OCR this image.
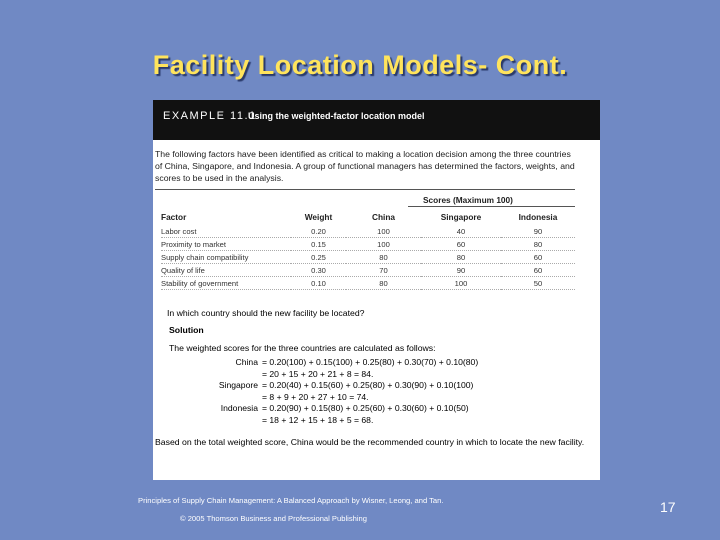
Facility Location Models- Cont.
EXAMPLE 11.1
Using the weighted-factor location model
The following factors have been identified as critical to making a location decision among the three countries of China, Singapore, and Indonesia. A group of functional managers has determined the factors, weights, and scores to be used in the analysis.
Scores (Maximum 100)
Factor	Weight	China	Singapore	Indonesia
Labor cost	0.20	100	40	90
Proximity to market	0.15	100	60	80
Supply chain compatibility	0.25	80	80	60
Quality of life	0.30	70	90	60
Stability of government	0.10	80	100	50
In which country should the new facility be located?
Solution
The weighted scores for the three countries are calculated as follows:
China = 0.20(100) + 0.15(100) + 0.25(80) + 0.30(70) + 0.10(80)
= 20 + 15 + 20 + 21 + 8 = 84.
Singapore = 0.20(40) + 0.15(60) + 0.25(80) + 0.30(90) + 0.10(100)
= 8 + 9 + 20 + 27 + 10 = 74.
Indonesia = 0.20(90) + 0.15(80) + 0.25(60) + 0.30(60) + 0.10(50)
= 18 + 12 + 15 + 18 + 5 = 68.
Based on the total weighted score, China would be the recommended country in which to locate the new facility.
Principles of Supply Chain Management: A Balanced Approach by Wisner, Leong, and Tan.
© 2005 Thomson Business and Professional Publishing
17
